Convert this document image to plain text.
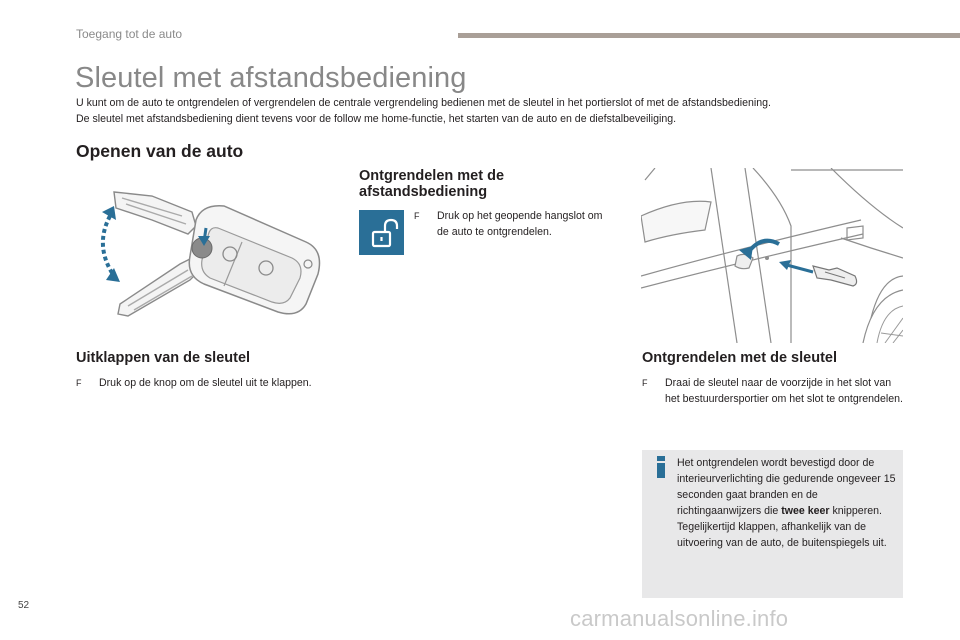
Toegang tot de auto
Sleutel met afstandsbediening
U kunt om de auto te ontgrendelen of vergrendelen de centrale vergrendeling bedienen met de sleutel in het portierslot of met de afstandsbediening.
De sleutel met afstandsbediening dient tevens voor de follow me home-functie, het starten van de auto en de diefstalbeveiliging.
Openen van de auto
Ontgrendelen met de
afstandsbediening
F	Druk op het geopende hangslot om de auto te ontgrendelen.
Uitklappen van de sleutel
F	Druk op de knop om de sleutel uit te klappen.
Ontgrendelen met de sleutel
F	Draai de sleutel naar de voorzijde in het slot van het bestuurdersportier om het slot te ontgrendelen.
Het ontgrendelen wordt bevestigd door de interieurverlichting die gedurende ongeveer 15 seconden gaat branden en de richtingaanwijzers die twee keer knipperen.
Tegelijkertijd klappen, afhankelijk van de uitvoering van de auto, de buitenspiegels uit.
52
carmanualsonline.info
